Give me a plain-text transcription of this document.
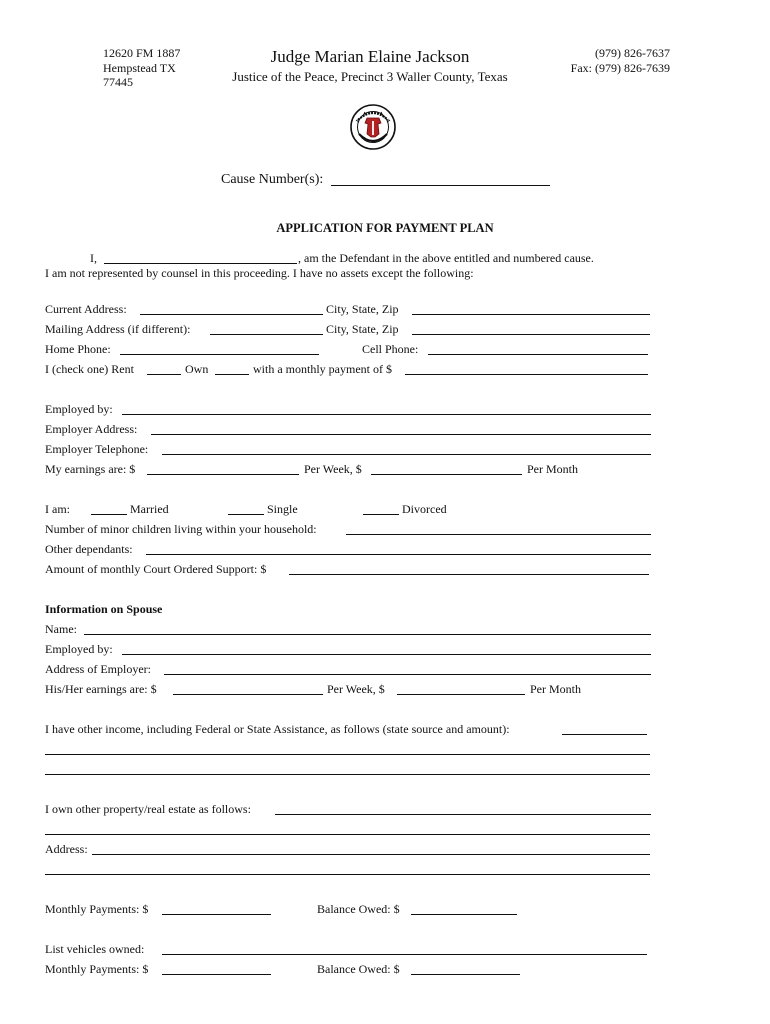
12620 FM 1887
Hempstead TX
77445
Judge Marian Elaine Jackson
Justice of the Peace, Precinct 3 Waller County, Texas
(979) 826-7637
Fax: (979) 826-7639
Cause Number(s):
APPLICATION FOR PAYMENT PLAN
I,	, am the Defendant in the above entitled and numbered cause.
I am not represented by counsel in this proceeding. I have no assets except the following:
Current Address:	City, State, Zip
Mailing Address (if different):	City, State, Zip
Home Phone:	Cell Phone:
I (check one) Rent	Own	with a monthly payment of $
Employed by:
Employer Address:
Employer Telephone:
My earnings are: $	Per Week, $	Per Month
I am:	Married	Single	Divorced
Number of minor children living within your household:
Other dependants:
Amount of monthly Court Ordered Support: $
Information on Spouse
Name:
Employed by:
Address of Employer:
His/Her earnings are: $	Per Week, $	Per Month
I have other income, including Federal or State Assistance, as follows (state source and amount):
I own other property/real estate as follows:
Address:
Monthly Payments: $	Balance Owed: $
List vehicles owned:
Monthly Payments: $	Balance Owed: $
